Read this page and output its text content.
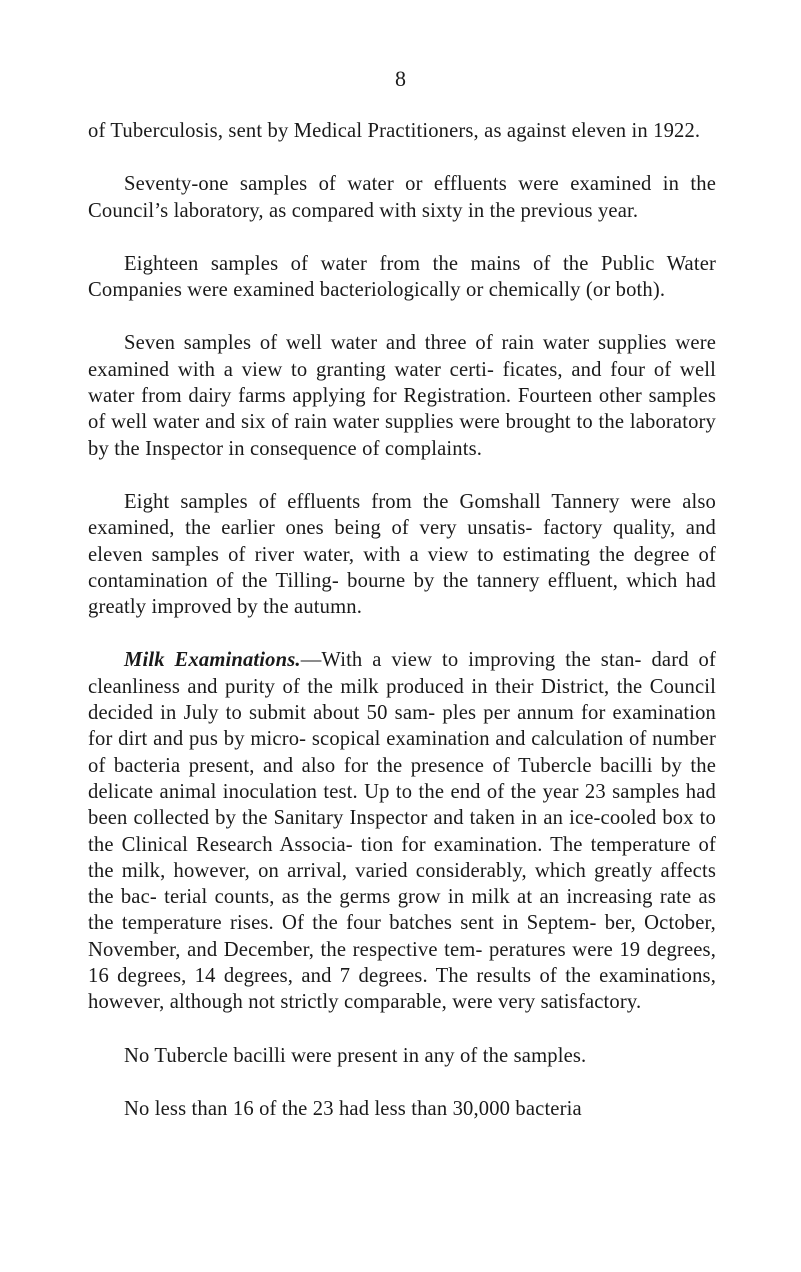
8

of Tuberculosis, sent by Medical Practitioners, as against eleven in 1922.

Seventy-one samples of water or effluents were examined in the Council’s laboratory, as compared with sixty in the previous year.

Eighteen samples of water from the mains of the Public Water Companies were examined bacteriologically or chemically (or both).

Seven samples of well water and three of rain water supplies were examined with a view to granting water certi- ficates, and four of well water from dairy farms applying for Registration. Fourteen other samples of well water and six of rain water supplies were brought to the laboratory by the Inspector in consequence of complaints.

Eight samples of effluents from the Gomshall Tannery were also examined, the earlier ones being of very unsatis- factory quality, and eleven samples of river water, with a view to estimating the degree of contamination of the Tilling- bourne by the tannery effluent, which had greatly improved by the autumn.

Milk Examinations.—With a view to improving the stan- dard of cleanliness and purity of the milk produced in their District, the Council decided in July to submit about 50 sam- ples per annum for examination for dirt and pus by micro- scopical examination and calculation of number of bacteria present, and also for the presence of Tubercle bacilli by the delicate animal inoculation test. Up to the end of the year 23 samples had been collected by the Sanitary Inspector and taken in an ice-cooled box to the Clinical Research Associa- tion for examination. The temperature of the milk, however, on arrival, varied considerably, which greatly affects the bac- terial counts, as the germs grow in milk at an increasing rate as the temperature rises. Of the four batches sent in Septem- ber, October, November, and December, the respective tem- peratures were 19 degrees, 16 degrees, 14 degrees, and 7 degrees. The results of the examinations, however, although not strictly comparable, were very satisfactory.

No Tubercle bacilli were present in any of the samples.

No less than 16 of the 23 had less than 30,000 bacteria
